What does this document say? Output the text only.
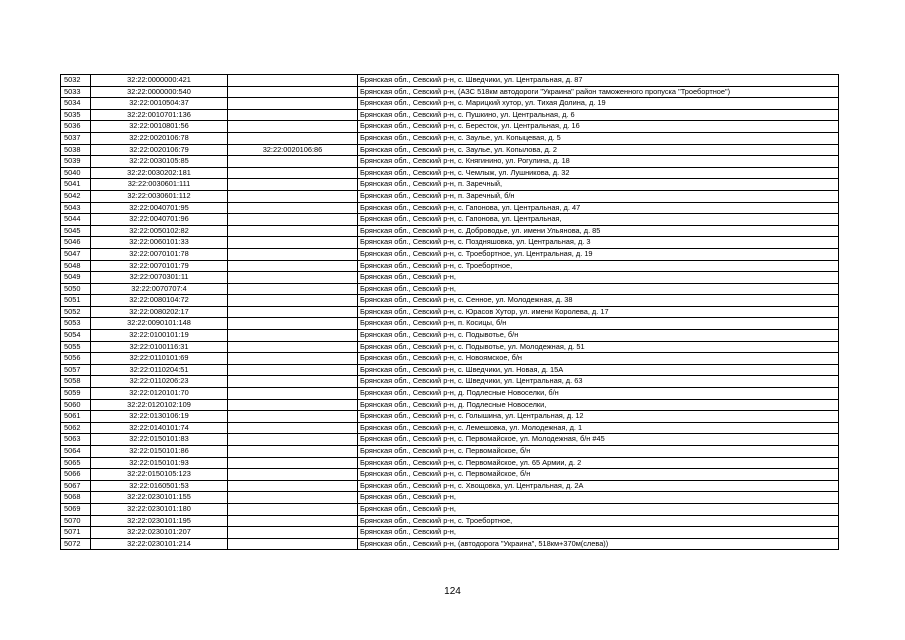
5032	32:22:0000000:421		Брянская обл., Севский р-н, с. Шведчики, ул. Центральная, д. 87
5033	32:22:0000000:540		Брянская обл., Севский р-н, (АЗС 518км автодороги "Украина" район таможенного пропуска "Троебортное")
5034	32:22:0010504:37		Брянская обл., Севский р-н, с. Марицкий хутор, ул. Тихая Долина, д. 19
5035	32:22:0010701:136		Брянская обл., Севский р-н, с. Пушкино, ул. Центральная, д. 6
5036	32:22:0010801:56		Брянская обл., Севский р-н, с. Бересток, ул. Центральная, д. 16
5037	32:22:0020106:78		Брянская обл., Севский р-н, с. Заулье, ул. Копыцевая, д. 5
5038	32:22:0020106:79	32:22:0020106:86	Брянская обл., Севский р-н, с. Заулье, ул. Копылова, д. 2
5039	32:22:0030105:85		Брянская обл., Севский р-н, с. Княгинино, ул. Рогулина, д. 18
5040	32:22:0030202:181		Брянская обл., Севский р-н, с. Чемлыж, ул. Лушникова, д. 32
5041	32:22:0030601:111		Брянская обл., Севский р-н, п. Заречный,
5042	32:22:0030601:112		Брянская обл., Севский р-н, п. Заречный, б/н
5043	32:22:0040701:95		Брянская обл., Севский р-н, с. Гапонова, ул. Центральная, д. 47
5044	32:22:0040701:96		Брянская обл., Севский р-н, с. Гапонова, ул. Центральная,
5045	32:22:0050102:82		Брянская обл., Севский р-н, с. Доброводье, ул. имени Ульянова, д. 85
5046	32:22:0060101:33		Брянская обл., Севский р-н, с. Поздняшовка, ул. Центральная, д. 3
5047	32:22:0070101:78		Брянская обл., Севский р-н, с. Троебортное, ул. Центральная, д. 19
5048	32:22:0070101:79		Брянская обл., Севский р-н, с. Троебортное,
5049	32:22:0070301:11		Брянская обл., Севский р-н,
5050	32:22:0070707:4		Брянская обл., Севский р-н,
5051	32:22:0080104:72		Брянская обл., Севский р-н, с. Сенное, ул. Молодежная, д. 38
5052	32:22:0080202:17		Брянская обл., Севский р-н, с. Юрасов Хутор, ул. имени Королева, д. 17
5053	32:22:0090101:148		Брянская обл., Севский р-н, п. Косицы, б/н
5054	32:22:0100101:19		Брянская обл., Севский р-н, с. Подывотье, б/н
5055	32:22:0100116:31		Брянская обл., Севский р-н, с. Подывотье, ул. Молодежная, д. 51
5056	32:22:0110101:69		Брянская обл., Севский р-н, с. Новоямское, б/н
5057	32:22:0110204:51		Брянская обл., Севский р-н, с. Шведчики, ул. Новая, д. 15А
5058	32:22:0110206:23		Брянская обл., Севский р-н, с. Шведчики, ул. Центральная, д. 63
5059	32:22:0120101:70		Брянская обл., Севский р-н, д. Подлесные Новоселки, б/н
5060	32:22:0120102:109		Брянская обл., Севский р-н, д. Подлесные Новоселки,
5061	32:22:0130106:19		Брянская обл., Севский р-н, с. Голышина, ул. Центральная, д. 12
5062	32:22:0140101:74		Брянская обл., Севский р-н, с. Лемешовка, ул. Молодежная, д. 1
5063	32:22:0150101:83		Брянская обл., Севский р-н, с. Первомайское, ул. Молодежная, б/н #45
5064	32:22:0150101:86		Брянская обл., Севский р-н, с. Первомайское, б/н
5065	32:22:0150101:93		Брянская обл., Севский р-н, с. Первомайское, ул. 65 Армии, д. 2
5066	32:22:0150105:123		Брянская обл., Севский р-н, с. Первомайское, б/н
5067	32:22:0160501:53		Брянская обл., Севский р-н, с. Хвощовка, ул. Центральная, д. 2А
5068	32:22:0230101:155		Брянская обл., Севский р-н,
5069	32:22:0230101:180		Брянская обл., Севский р-н,
5070	32:22:0230101:195		Брянская обл., Севский р-н, с. Троебортное,
5071	32:22:0230101:207		Брянская обл., Севский р-н,
5072	32:22:0230101:214		Брянская обл., Севский р-н, (автодорога "Украина", 518км+370м(слева))
124
